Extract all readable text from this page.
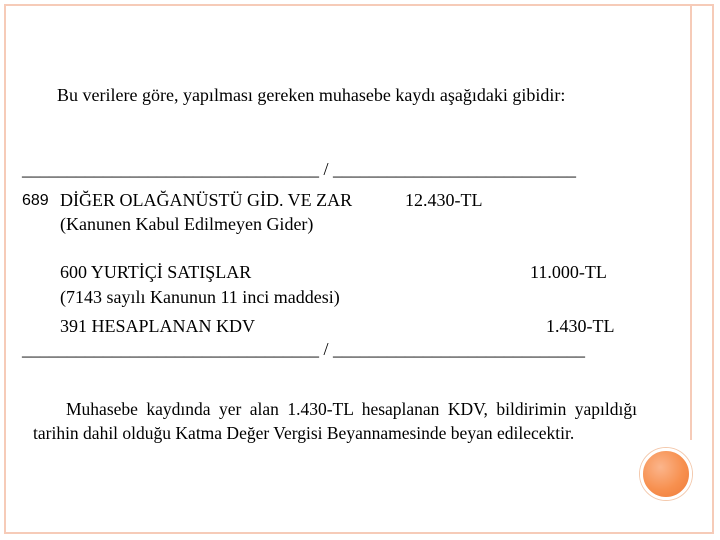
Bu verilere göre, yapılması gereken muhasebe kaydı aşağıdaki gibidir:
_________________________________ / ___________________________
689 DİĞER OLAĞANÜSTÜ GİD. VE ZAR	12.430-TL
(Kanunen Kabul Edilmeyen Gider)
600 YURTİÇİ SATIŞLAR	11.000-TL
(7143 sayılı Kanunun 11 inci maddesi)
391 HESAPLANAN KDV	1.430-TL
_________________________________ / ____________________________
Muhasebe kaydında yer alan 1.430-TL hesaplanan KDV, bildirimin yapıldığı tarihin dahil olduğu Katma Değer Vergisi Beyannamesinde beyan edilecektir.
